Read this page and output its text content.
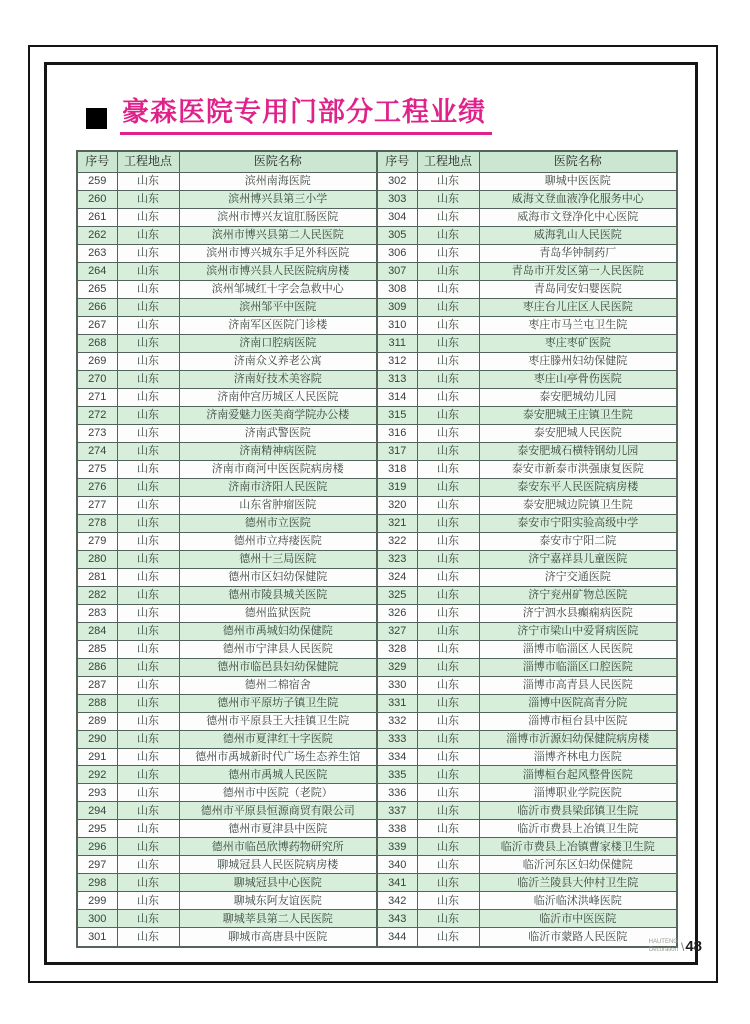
豪森医院专用门部分工程业绩
序号	工程地点	医院名称	序号	工程地点	医院名称
259	山东	滨州南海医院	302	山东	聊城中医医院
260	山东	滨州博兴县第三小学	303	山东	威海文登血液净化服务中心
261	山东	滨州市博兴友谊肛肠医院	304	山东	威海市文登净化中心医院
262	山东	滨州市博兴县第二人民医院	305	山东	威海乳山人民医院
263	山东	滨州市博兴城东手足外科医院	306	山东	青岛华钟制药厂
264	山东	滨州市博兴县人民医院病房楼	307	山东	青岛市开发区第一人民医院
265	山东	滨州邹城红十字会急救中心	308	山东	青岛同安妇婴医院
266	山东	滨州邹平中医院	309	山东	枣庄台儿庄区人民医院
267	山东	济南军区医院门诊楼	310	山东	枣庄市马兰屯卫生院
268	山东	济南口腔病医院	311	山东	枣庄枣矿医院
269	山东	济南众义养老公寓	312	山东	枣庄滕州妇幼保健院
270	山东	济南好技术美容院	313	山东	枣庄山亭骨伤医院
271	山东	济南仲宫历城区人民医院	314	山东	泰安肥城幼儿园
272	山东	济南爱魅力医美商学院办公楼	315	山东	泰安肥城王庄镇卫生院
273	山东	济南武警医院	316	山东	泰安肥城人民医院
274	山东	济南精神病医院	317	山东	泰安肥城石横特钢幼儿园
275	山东	济南市商河中医医院病房楼	318	山东	泰安市新泰市洪强康复医院
276	山东	济南市济阳人民医院	319	山东	泰安东平人民医院病房楼
277	山东	山东省肿瘤医院	320	山东	泰安肥城边院镇卫生院
278	山东	德州市立医院	321	山东	泰安市宁阳实验高级中学
279	山东	德州市立痔瘘医院	322	山东	泰安市宁阳二院
280	山东	德州十三局医院	323	山东	济宁嘉祥县儿童医院
281	山东	德州市区妇幼保健院	324	山东	济宁交通医院
282	山东	德州市陵县城关医院	325	山东	济宁兖州矿物总医院
283	山东	德州监狱医院	326	山东	济宁泗水县癫痫病医院
284	山东	德州市禹城妇幼保健院	327	山东	济宁市梁山中爱肾病医院
285	山东	德州市宁津县人民医院	328	山东	淄博市临淄区人民医院
286	山东	德州市临邑县妇幼保健院	329	山东	淄博市临淄区口腔医院
287	山东	德州二棉宿舍	330	山东	淄博市高青县人民医院
288	山东	德州市平原坊子镇卫生院	331	山东	淄博中医院高青分院
289	山东	德州市平原县王大挂镇卫生院	332	山东	淄博市桓台县中医院
290	山东	德州市夏津红十字医院	333	山东	淄博市沂源妇幼保健院病房楼
291	山东	德州市禹城新时代广场生态养生馆	334	山东	淄博齐林电力医院
292	山东	德州市禹城人民医院	335	山东	淄博桓台起风整骨医院
293	山东	德州市中医院（老院）	336	山东	淄博职业学院医院
294	山东	德州市平原县恒源商贸有限公司	337	山东	临沂市费县梁邱镇卫生院
295	山东	德州市夏津县中医院	338	山东	临沂市费县上冶镇卫生院
296	山东	德州市临邑欣博药物研究所	339	山东	临沂市费县上冶镇曹家楼卫生院
297	山东	聊城冠县人民医院病房楼	340	山东	临沂河东区妇幼保健院
298	山东	聊城冠县中心医院	341	山东	临沂兰陵县大仲村卫生院
299	山东	聊城东阿友谊医院	342	山东	临沂临沭洪峰医院
300	山东	聊城莘县第二人民医院	343	山东	临沂市中医医院
301	山东	聊城市高唐县中医院	344	山东	临沂市蒙路人民医院	HAUTENG
Decoration \ 48
